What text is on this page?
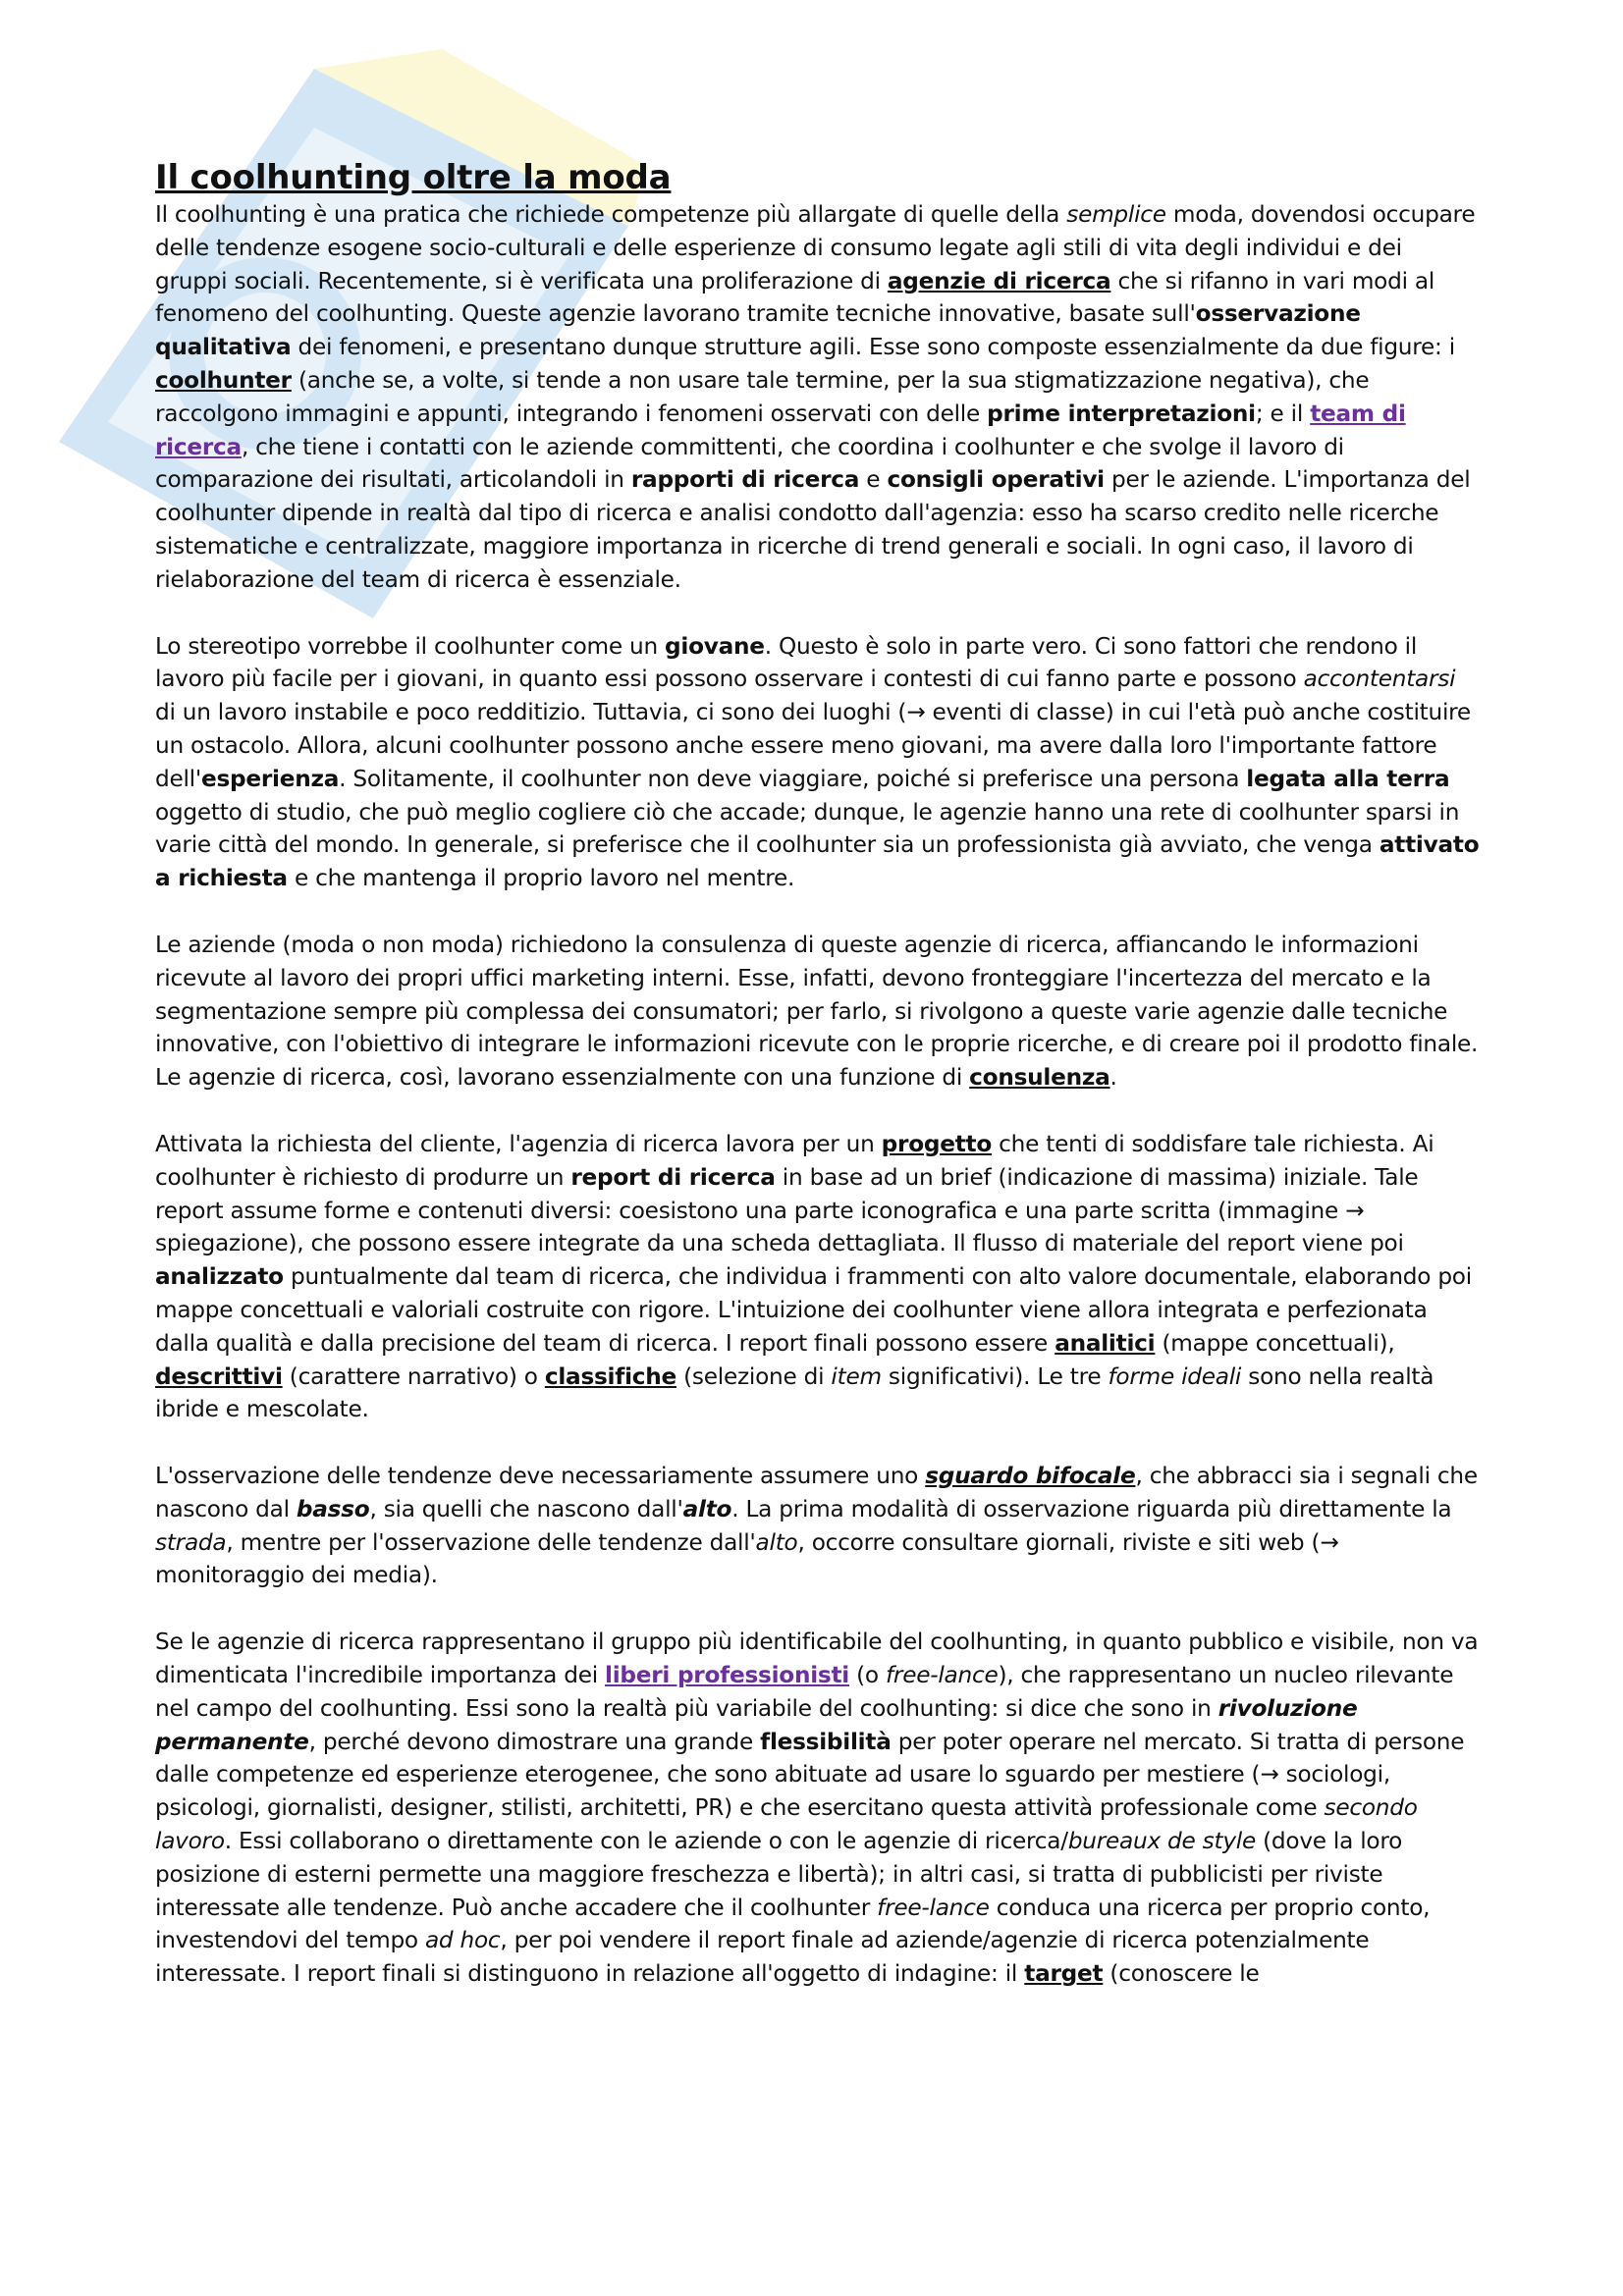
Il coolhunting oltre la moda

Il coolhunting è una pratica che richiede competenze più allargate di quelle della semplice moda, dovendosi occupare delle tendenze esogene socio-culturali e delle esperienze di consumo legate agli stili di vita degli individui e dei gruppi sociali. Recentemente, si è verificata una proliferazione di agenzie di ricerca che si rifanno in vari modi al fenomeno del coolhunting. Queste agenzie lavorano tramite tecniche innovative, basate sull'osservazione qualitativa dei fenomeni, e presentano dunque strutture agili. Esse sono composte essenzialmente da due figure: i coolhunter (anche se, a volte, si tende a non usare tale termine, per la sua stigmatizzazione negativa), che raccolgono immagini e appunti, integrando i fenomeni osservati con delle prime interpretazioni; e il team di ricerca, che tiene i contatti con le aziende committenti, che coordina i coolhunter e che svolge il lavoro di comparazione dei risultati, articolandoli in rapporti di ricerca e consigli operativi per le aziende. L'importanza del coolhunter dipende in realtà dal tipo di ricerca e analisi condotto dall'agenzia: esso ha scarso credito nelle ricerche sistematiche e centralizzate, maggiore importanza in ricerche di trend generali e sociali. In ogni caso, il lavoro di rielaborazione del team di ricerca è essenziale.

Lo stereotipo vorrebbe il coolhunter come un giovane. Questo è solo in parte vero. Ci sono fattori che rendono il lavoro più facile per i giovani, in quanto essi possono osservare i contesti di cui fanno parte e possono accontentarsi di un lavoro instabile e poco redditizio. Tuttavia, ci sono dei luoghi (→ eventi di classe) in cui l'età può anche costituire un ostacolo. Allora, alcuni coolhunter possono anche essere meno giovani, ma avere dalla loro l'importante fattore dell'esperienza. Solitamente, il coolhunter non deve viaggiare, poiché si preferisce una persona legata alla terra oggetto di studio, che può meglio cogliere ciò che accade; dunque, le agenzie hanno una rete di coolhunter sparsi in varie città del mondo. In generale, si preferisce che il coolhunter sia un professionista già avviato, che venga attivato a richiesta e che mantenga il proprio lavoro nel mentre.

Le aziende (moda o non moda) richiedono la consulenza di queste agenzie di ricerca, affiancando le informazioni ricevute al lavoro dei propri uffici marketing interni. Esse, infatti, devono fronteggiare l'incertezza del mercato e la segmentazione sempre più complessa dei consumatori; per farlo, si rivolgono a queste varie agenzie dalle tecniche innovative, con l'obiettivo di integrare le informazioni ricevute con le proprie ricerche, e di creare poi il prodotto finale. Le agenzie di ricerca, così, lavorano essenzialmente con una funzione di consulenza.

Attivata la richiesta del cliente, l'agenzia di ricerca lavora per un progetto che tenti di soddisfare tale richiesta. Ai coolhunter è richiesto di produrre un report di ricerca in base ad un brief (indicazione di massima) iniziale. Tale report assume forme e contenuti diversi: coesistono una parte iconografica e una parte scritta (immagine → spiegazione), che possono essere integrate da una scheda dettagliata. Il flusso di materiale del report viene poi analizzato puntualmente dal team di ricerca, che individua i frammenti con alto valore documentale, elaborando poi mappe concettuali e valoriali costruite con rigore. L'intuizione dei coolhunter viene allora integrata e perfezionata dalla qualità e dalla precisione del team di ricerca. I report finali possono essere analitici (mappe concettuali), descrittivi (carattere narrativo) o classifiche (selezione di item significativi). Le tre forme ideali sono nella realtà ibride e mescolate.

L'osservazione delle tendenze deve necessariamente assumere uno sguardo bifocale, che abbracci sia i segnali che nascono dal basso, sia quelli che nascono dall'alto. La prima modalità di osservazione riguarda più direttamente la strada, mentre per l'osservazione delle tendenze dall'alto, occorre consultare giornali, riviste e siti web (→ monitoraggio dei media).

Se le agenzie di ricerca rappresentano il gruppo più identificabile del coolhunting, in quanto pubblico e visibile, non va dimenticata l'incredibile importanza dei liberi professionisti (o free-lance), che rappresentano un nucleo rilevante nel campo del coolhunting. Essi sono la realtà più variabile del coolhunting: si dice che sono in rivoluzione permanente, perché devono dimostrare una grande flessibilità per poter operare nel mercato. Si tratta di persone dalle competenze ed esperienze eterogenee, che sono abituate ad usare lo sguardo per mestiere (→ sociologi, psicologi, giornalisti, designer, stilisti, architetti, PR) e che esercitano questa attività professionale come secondo lavoro. Essi collaborano o direttamente con le aziende o con le agenzie di ricerca/bureaux de style (dove la loro posizione di esterni permette una maggiore freschezza e libertà); in altri casi, si tratta di pubblicisti per riviste interessate alle tendenze. Può anche accadere che il coolhunter free-lance conduca una ricerca per proprio conto, investendovi del tempo ad hoc, per poi vendere il report finale ad aziende/agenzie di ricerca potenzialmente interessate. I report finali si distinguono in relazione all'oggetto di indagine: il target (conoscere le
